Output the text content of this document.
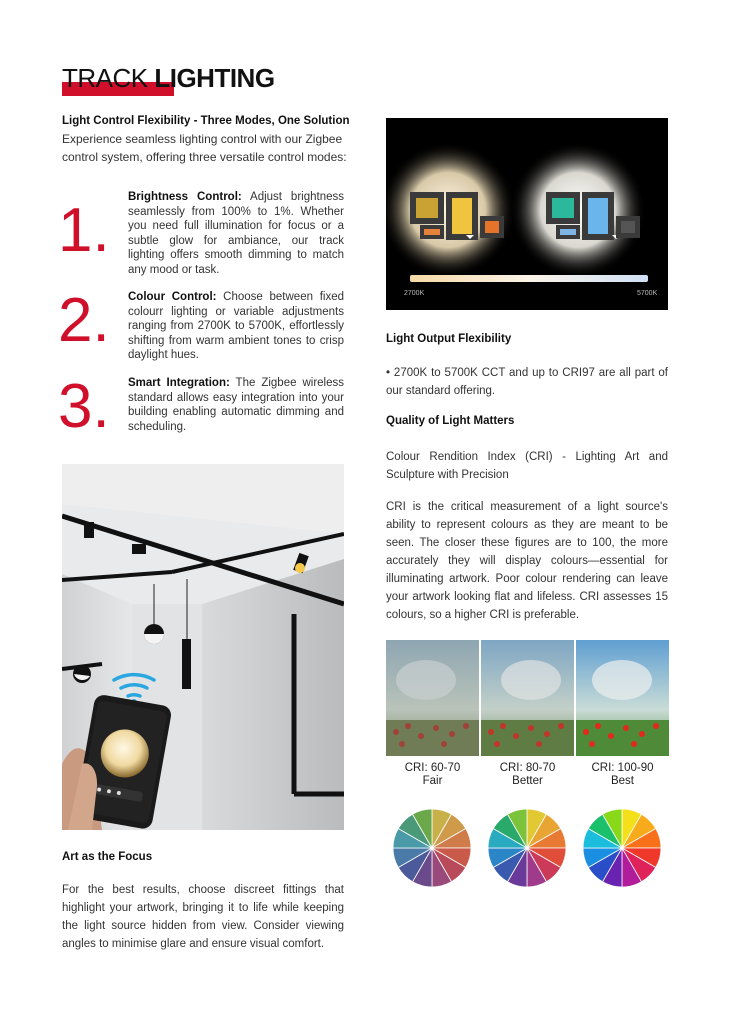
TRACK LIGHTING
Light Control Flexibility - Three Modes, One Solution
Experience seamless lighting control with our Zigbee control system, offering three versatile control modes:
1. Brightness Control: Adjust brightness seamlessly from 100% to 1%. Whether you need full illumination for focus or a subtle glow for ambiance, our track lighting offers smooth dimming to match any mood or task.
2. Colour Control: Choose between fixed colourr lighting or variable adjustments ranging from 2700K to 5700K, effortlessly shifting from warm ambient tones to crisp daylight hues.
3. Smart Integration: The Zigbee wireless standard allows easy integration into your building enabling automatic dimming and scheduling.
Art as the Focus
For the best results, choose discreet fittings that highlight your artwork, bringing it to life while keeping the light source hidden from view. Consider viewing angles to minimise glare and ensure visual comfort.
2700K	5700K
Light Output Flexibility
• 2700K to 5700K CCT and up to CRI97 are all part of our standard offering.
Quality of Light Matters
Colour Rendition Index (CRI) - Lighting Art and Sculpture with Precision
CRI is the critical measurement of a light source's ability to represent colours as they are meant to be seen. The closer these figures are to 100, the more accurately they will display colours—essential for illuminating artwork. Poor colour rendering can leave your artwork looking flat and lifeless. CRI assesses 15 colours, so a higher CRI is preferable.
CRI: 60-70
Fair
CRI: 80-70
Better
CRI: 100-90
Best
